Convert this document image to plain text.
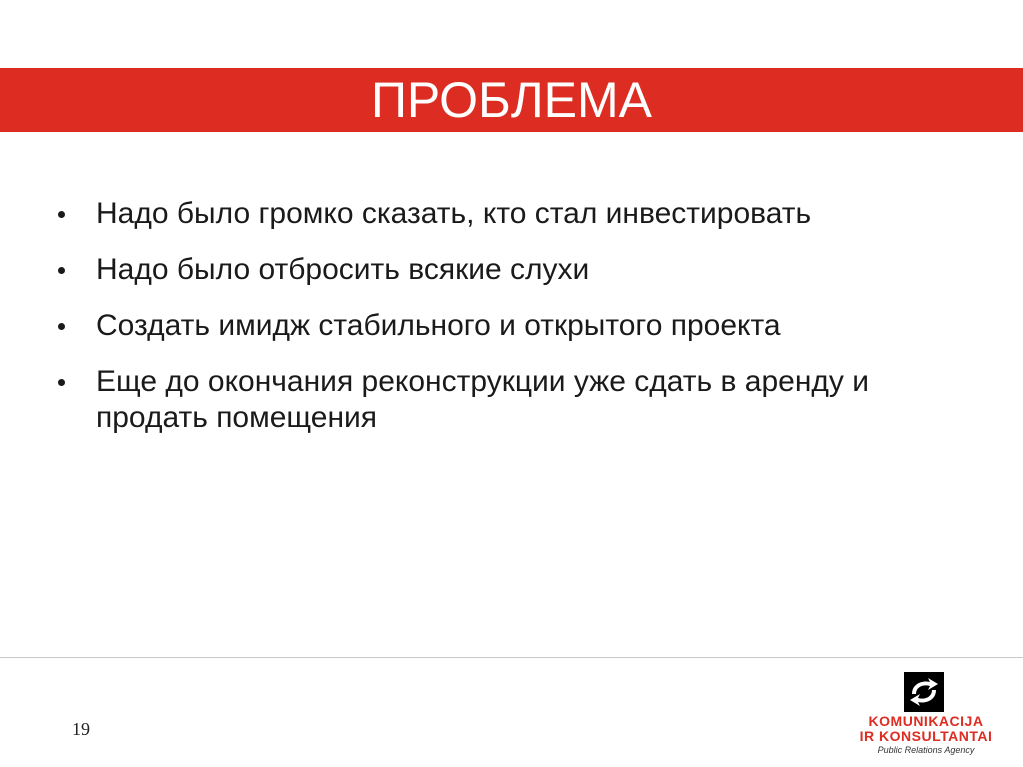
ПРОБЛЕМА
Надо было громко сказать, кто стал инвестировать
Надо было отбросить всякие слухи
Создать имидж стабильного и открытого проекта
Еще до окончания реконструкции уже сдать в аренду и продать помещения
19	KOMUNIKACIJA
IR KONSULTANTAI
Public Relations Agency
